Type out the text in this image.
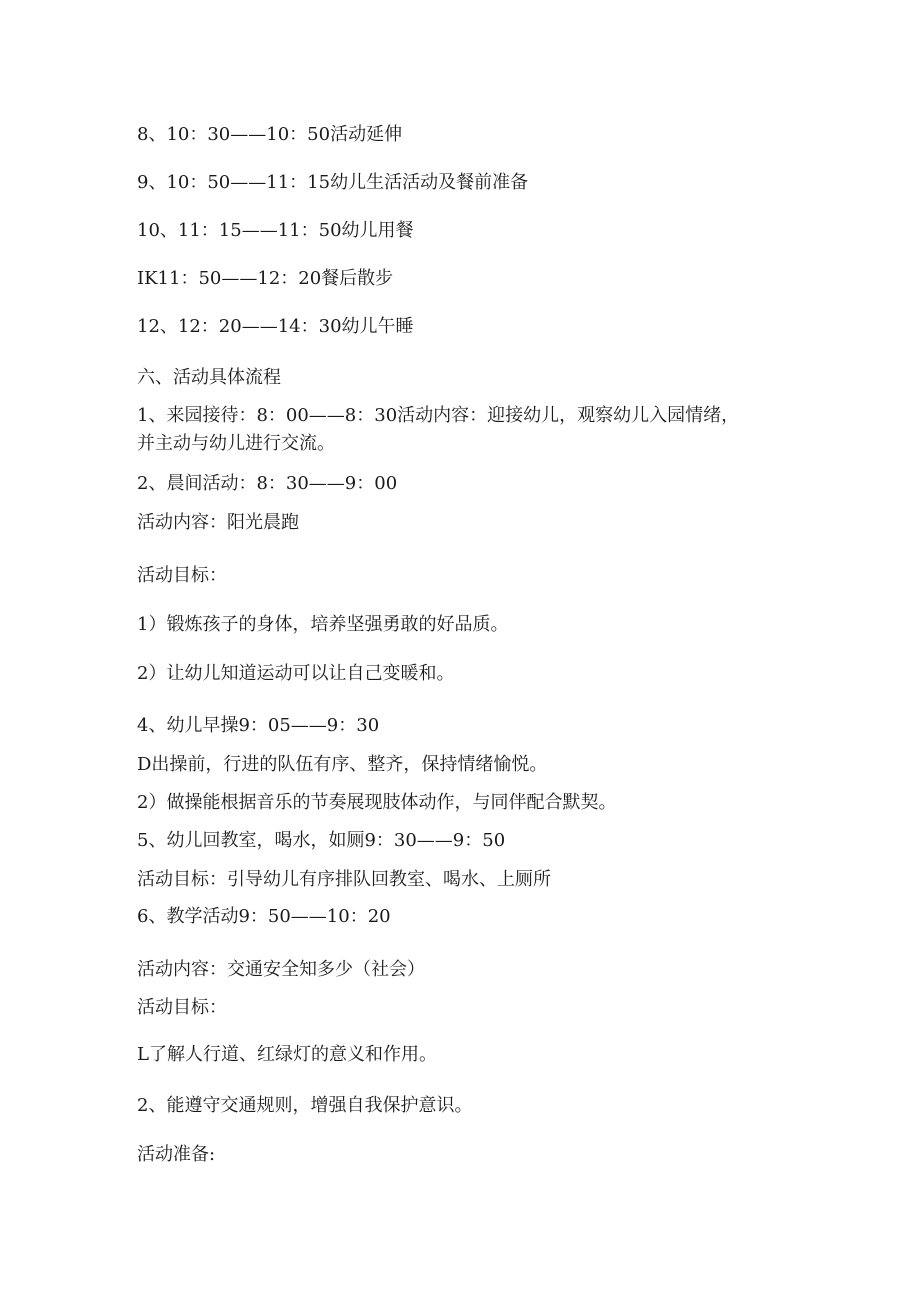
8、10：30——10：50活动延伸
9、10：50——11：15幼儿生活活动及餐前准备
10、11：15——11：50幼儿用餐
IK11：50——12：20餐后散步
12、12：20——14：30幼儿午睡
六、活动具体流程
1、来园接待：8：00——8：30活动内容：迎接幼儿，观察幼儿入园情绪，
并主动与幼儿进行交流。
2、晨间活动：8：30——9：00
活动内容：阳光晨跑
活动目标：
1）锻炼孩子的身体，培养坚强勇敢的好品质。
2）让幼儿知道运动可以让自己变暖和。
4、幼儿早操9：05——9：30
D出操前，行进的队伍有序、整齐，保持情绪愉悦。
2）做操能根据音乐的节奏展现肢体动作，与同伴配合默契。
5、幼儿回教室，喝水，如厕9：30——9：50
活动目标：引导幼儿有序排队回教室、喝水、上厕所
6、教学活动9：50——10：20
活动内容：交通安全知多少（社会）
活动目标：
L了解人行道、红绿灯的意义和作用。
2、能遵守交通规则，增强自我保护意识。
活动准备:
